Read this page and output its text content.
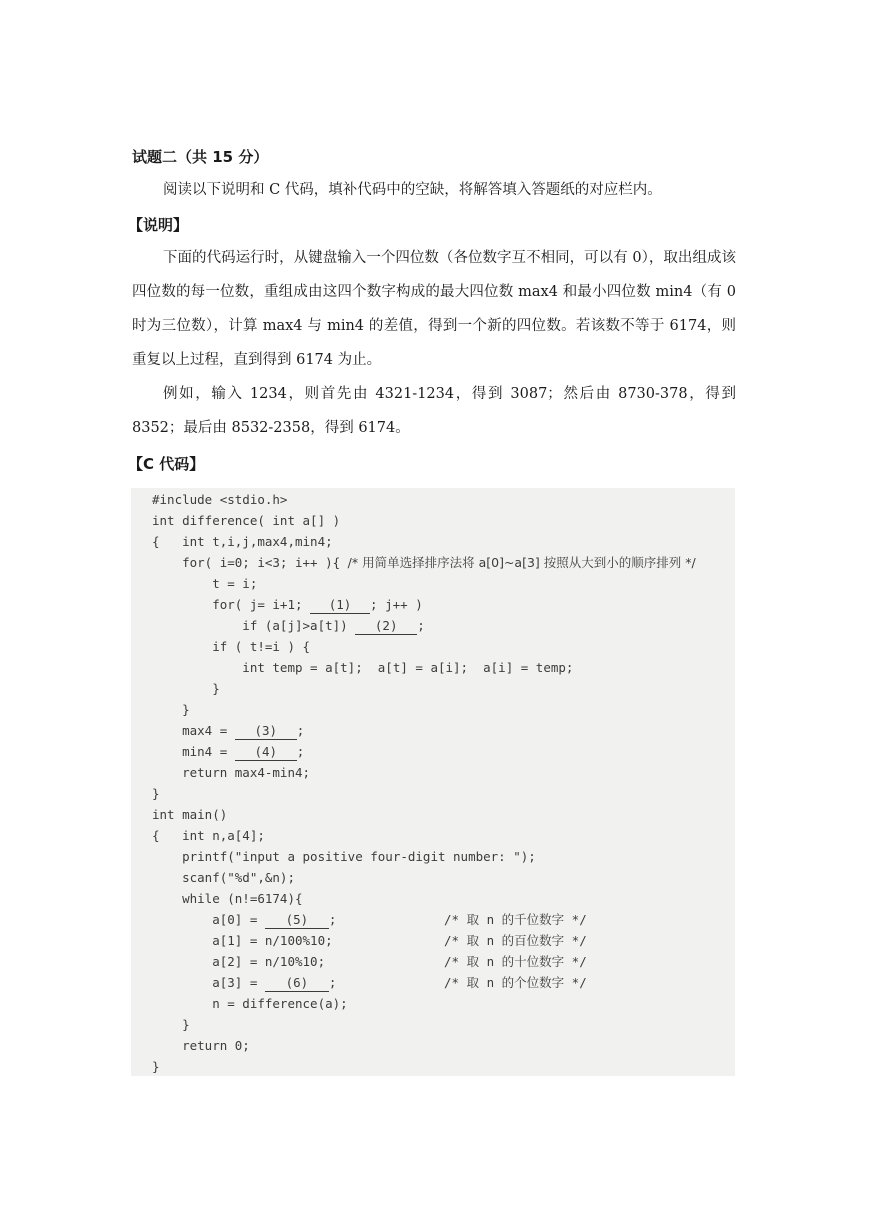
试题二（共 15 分）
阅读以下说明和 C 代码，填补代码中的空缺，将解答填入答题纸的对应栏内。
【说明】
下面的代码运行时，从键盘输入一个四位数（各位数字互不相同，可以有 0），取出组成该四位数的每一位数，重组成由这四个数字构成的最大四位数 max4 和最小四位数 min4（有 0 时为三位数），计算 max4 与 min4 的差值，得到一个新的四位数。若该数不等于 6174，则重复以上过程，直到得到 6174 为止。
例如，输入 1234，则首先由 4321-1234，得到 3087；然后由 8730-378，得到 8352；最后由 8532-2358，得到 6174。
【C 代码】
#include <stdio.h>
int difference( int a[] )
{   int t,i,j,max4,min4;
for( i=0; i<3; i++ ){ /* 用简单选择排序法将 a[0]~a[3] 按照从大到小的顺序排列 */
t = i;
for( j= i+1; (1) ; j++ )
if (a[j]>a[t]) (2) ;
if ( t!=i ) {
int temp = a[t];  a[t] = a[i];  a[i] = temp;
}
}
max4 = (3) ;
min4 = (4) ;
return max4-min4;
}
int main()
{   int n,a[4];
printf("input a positive four-digit number: ");
scanf("%d",&n);
while (n!=6174){
a[0] = (5) ;	/* 取 n 的千位数字 */
a[1] = n/100%10;	/* 取 n 的百位数字 */
a[2] = n/10%10;	/* 取 n 的十位数字 */
a[3] = (6) ;	/* 取 n 的个位数字 */
n = difference(a);
}
return 0;
}
